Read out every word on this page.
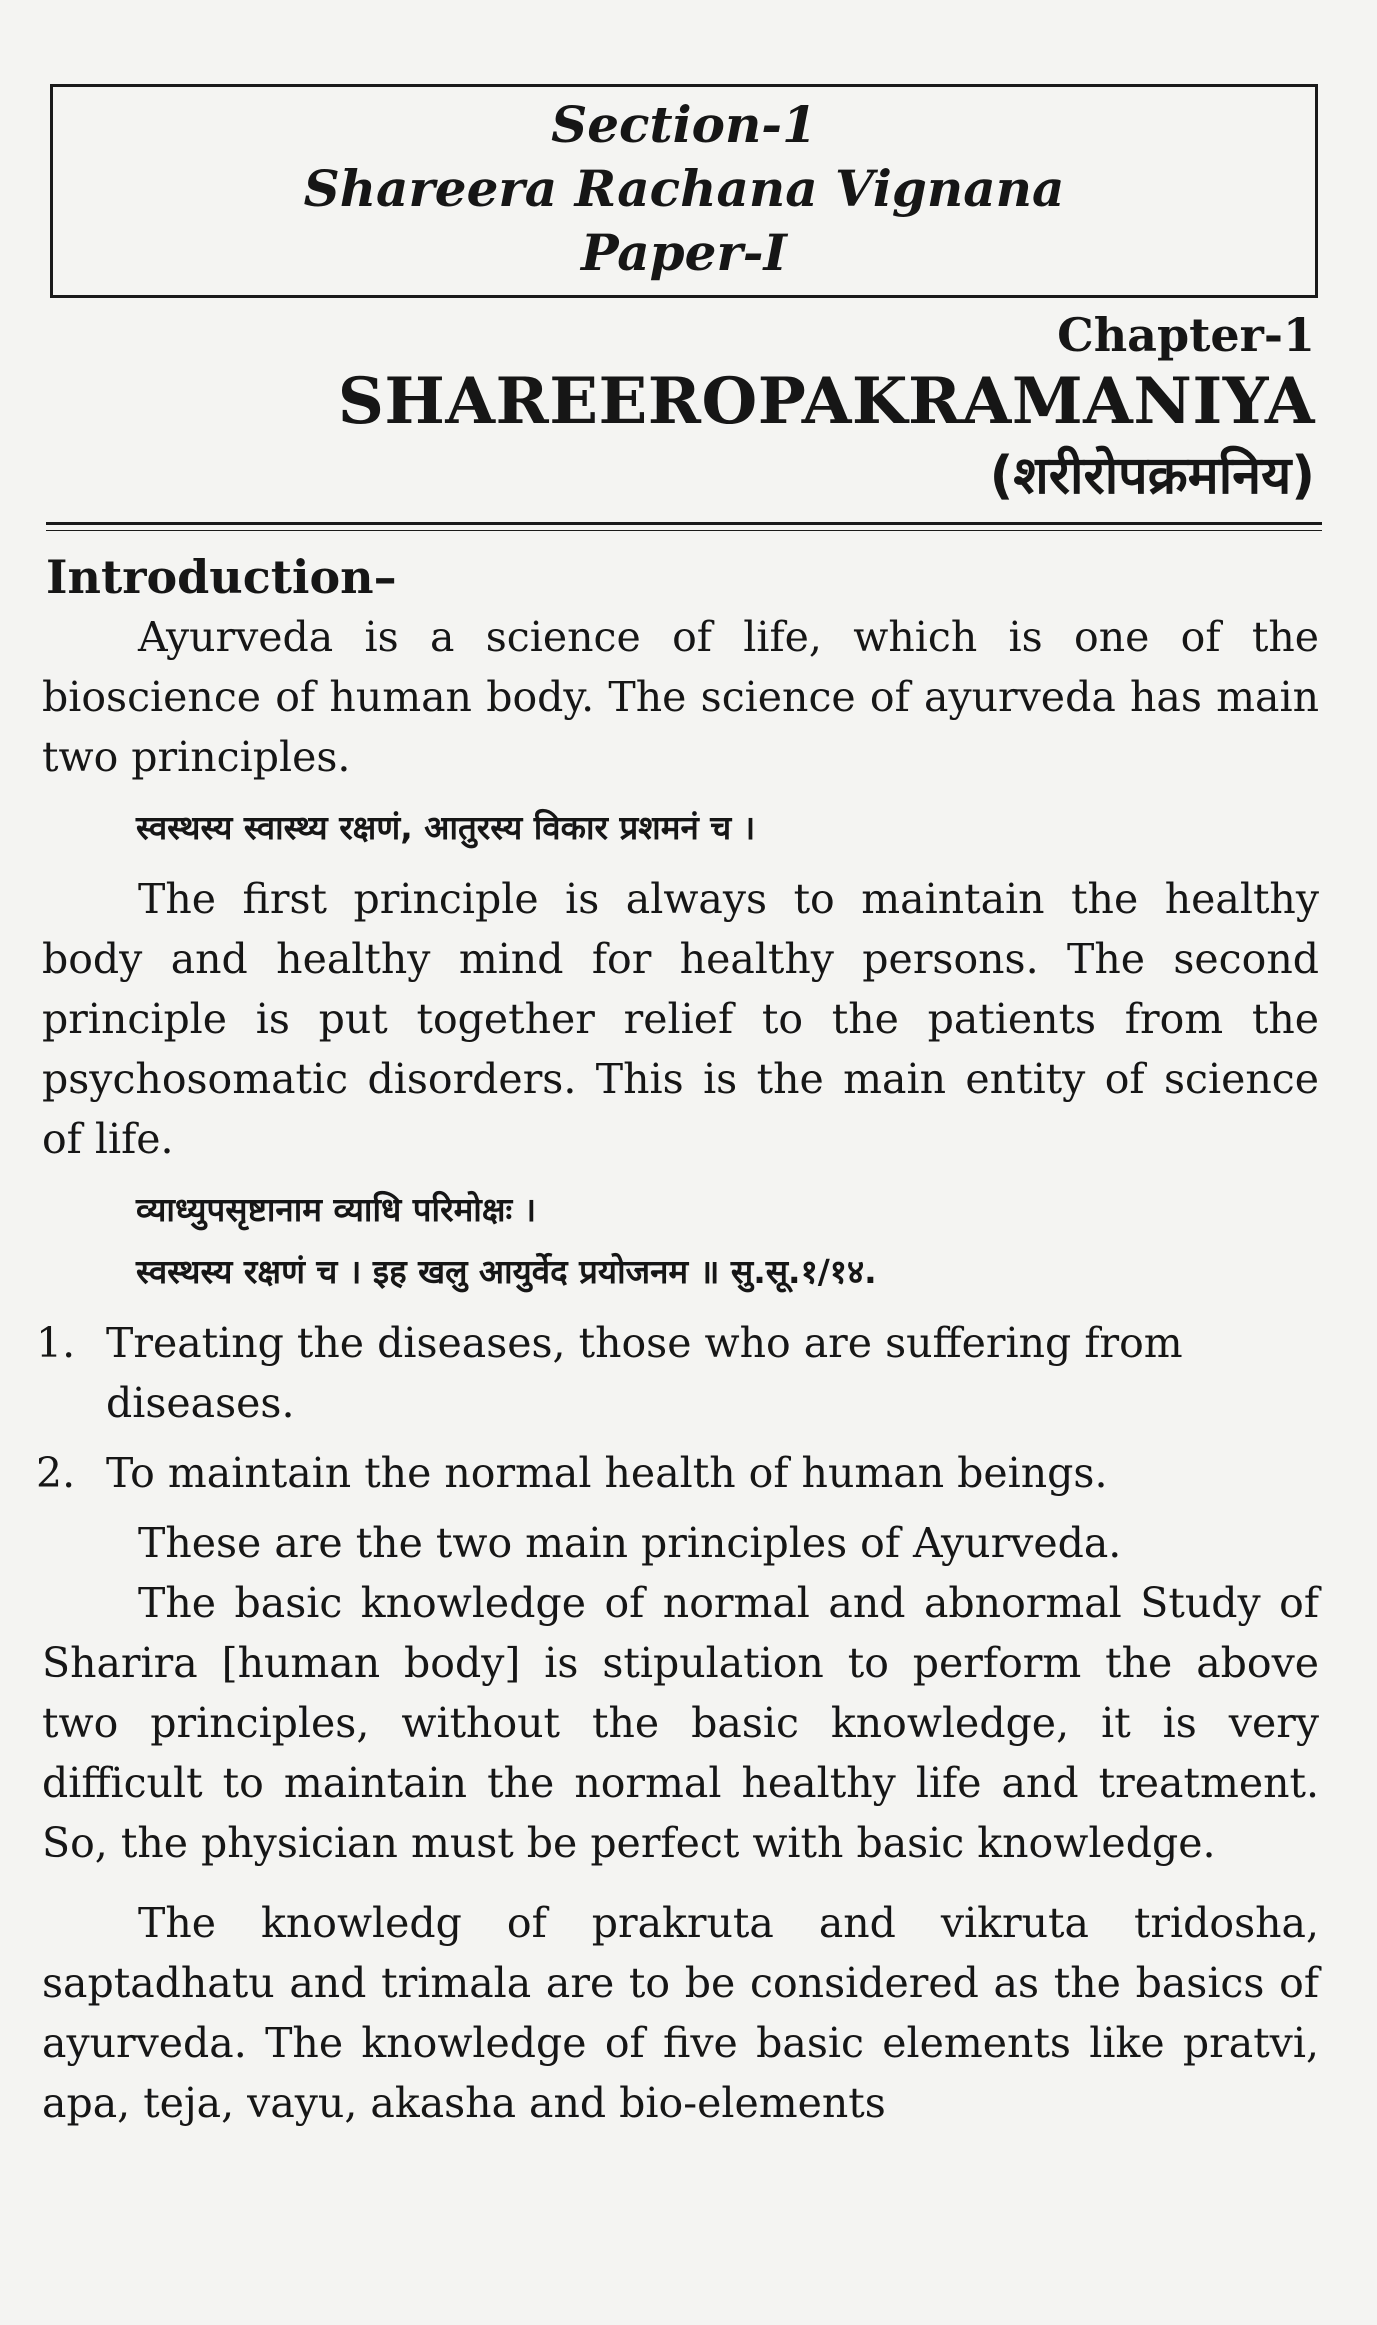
Section-1
Shareera Rachana Vignana
Paper-I
Chapter-1
SHAREEROPAKRAMANIYA
(शरीरोपक्रमनिय)
Introduction–
Ayurveda is a science of life, which is one of the bioscience of human body. The science of ayurveda has main two principles.
स्वस्थस्य स्वास्थ्य रक्षणं, आतुरस्य विकार प्रशमनं च ।
The first principle is always to maintain the healthy body and healthy mind for healthy persons. The second principle is put together relief to the patients from the psychosomatic disorders. This is the main entity of science of life.
व्याध्युपसृष्टानाम व्याधि परिमोक्षः ।
स्वस्थस्य रक्षणं च । इह खलु आयुर्वेद प्रयोजनम ॥ सु.सू.१/१४.
1. Treating the diseases, those who are suffering from diseases.
2. To maintain the normal health of human beings.
These are the two main principles of Ayurveda.
The basic knowledge of normal and abnormal Study of Sharira [human body] is stipulation to perform the above two principles, without the basic knowledge, it is very difficult to maintain the normal healthy life and treatment. So, the physician must be perfect with basic knowledge.
The knowledg of prakruta and vikruta tridosha, saptadhatu and trimala are to be considered as the basics of ayurveda. The knowledge of five basic elements like pratvi, apa, teja, vayu, akasha and bio-elements
